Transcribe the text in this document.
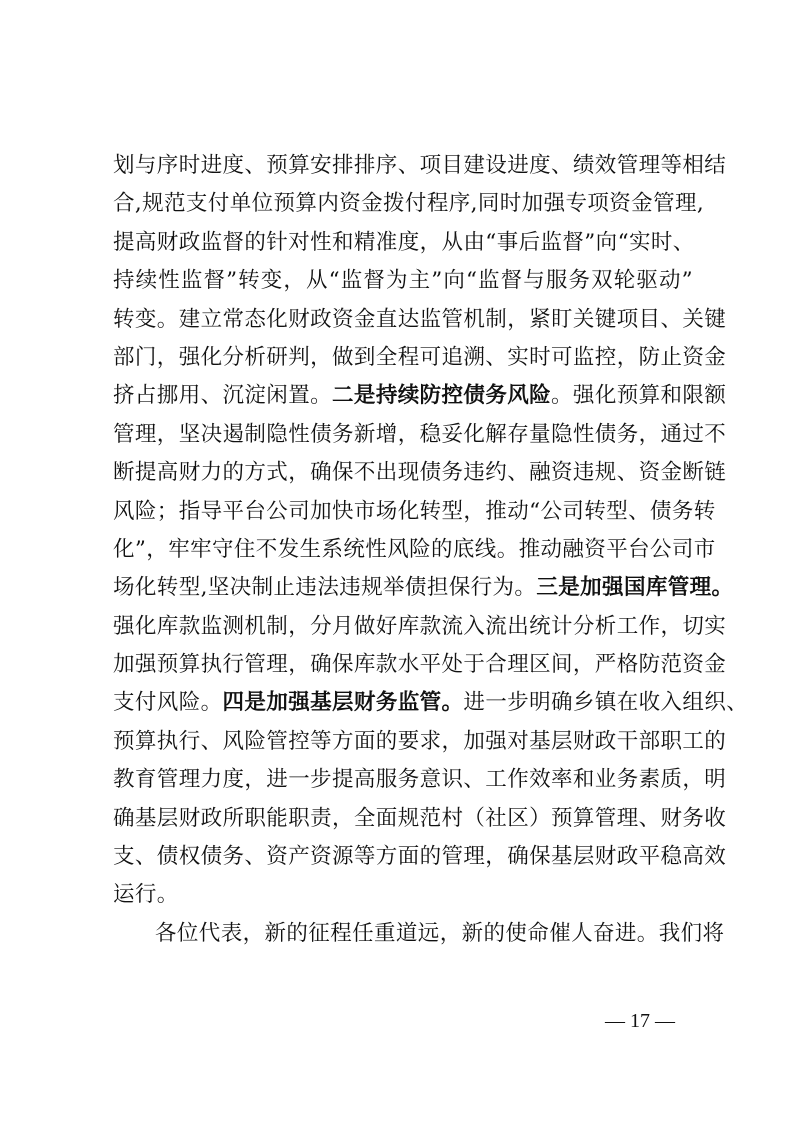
划与序时进度、预算安排排序、项目建设进度、绩效管理等相结
合,规范支付单位预算内资金拨付程序,同时加强专项资金管理,
提高财政监督的针对性和精准度，从由“事后监督”向“实时、
持续性监督”转变，从“监督为主”向“监督与服务双轮驱动”
转变。建立常态化财政资金直达监管机制，紧盯关键项目、关键
部门，强化分析研判，做到全程可追溯、实时可监控，防止资金
挤占挪用、沉淀闲置。二是持续防控债务风险。强化预算和限额
管理，坚决遏制隐性债务新增，稳妥化解存量隐性债务，通过不
断提高财力的方式，确保不出现债务违约、融资违规、资金断链
风险；指导平台公司加快市场化转型，推动“公司转型、债务转
化”，牢牢守住不发生系统性风险的底线。推动融资平台公司市
场化转型,坚决制止违法违规举债担保行为。三是加强国库管理。
强化库款监测机制，分月做好库款流入流出统计分析工作，切实
加强预算执行管理，确保库款水平处于合理区间，严格防范资金
支付风险。四是加强基层财务监管。进一步明确乡镇在收入组织、
预算执行、风险管控等方面的要求，加强对基层财政干部职工的
教育管理力度，进一步提高服务意识、工作效率和业务素质，明
确基层财政所职能职责，全面规范村（社区）预算管理、财务收
支、债权债务、资产资源等方面的管理，确保基层财政平稳高效
运行。
各位代表，新的征程任重道远，新的使命催人奋进。我们将
— 17 —
